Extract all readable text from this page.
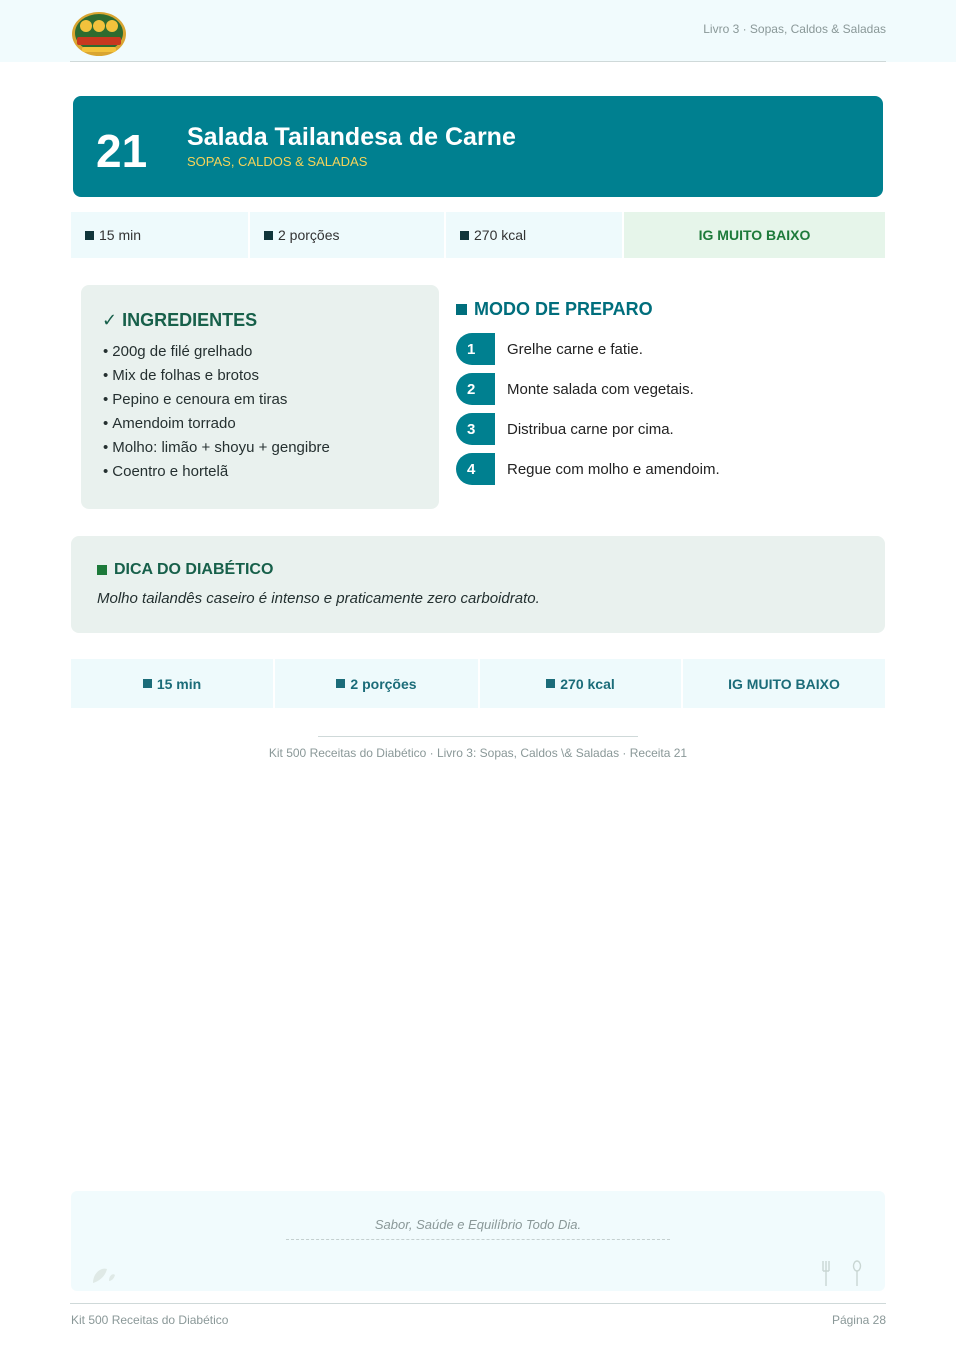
Livro 3 · Sopas, Caldos & Saladas
21 Salada Tailandesa de Carne
SOPAS, CALDOS & SALADAS
15 min	2 porções	270 kcal	IG MUITO BAIXO
✓ INGREDIENTES
• 200g de filé grelhado
• Mix de folhas e brotos
• Pepino e cenoura em tiras
• Amendoim torrado
• Molho: limão + shoyu + gengibre
• Coentro e hortelã
MODO DE PREPARO
1	Grelhe carne e fatie.
2	Monte salada com vegetais.
3	Distribua carne por cima.
4	Regue com molho e amendoim.
DICA DO DIABÉTICO
Molho tailandês caseiro é intenso e praticamente zero carboidrato.
15 min	2 porções	270 kcal	IG MUITO BAIXO
Kit 500 Receitas do Diabético · Livro 3: Sopas, Caldos \& Saladas · Receita 21
Sabor, Saúde e Equilíbrio Todo Dia.
Kit 500 Receitas do Diabético	Página 28
